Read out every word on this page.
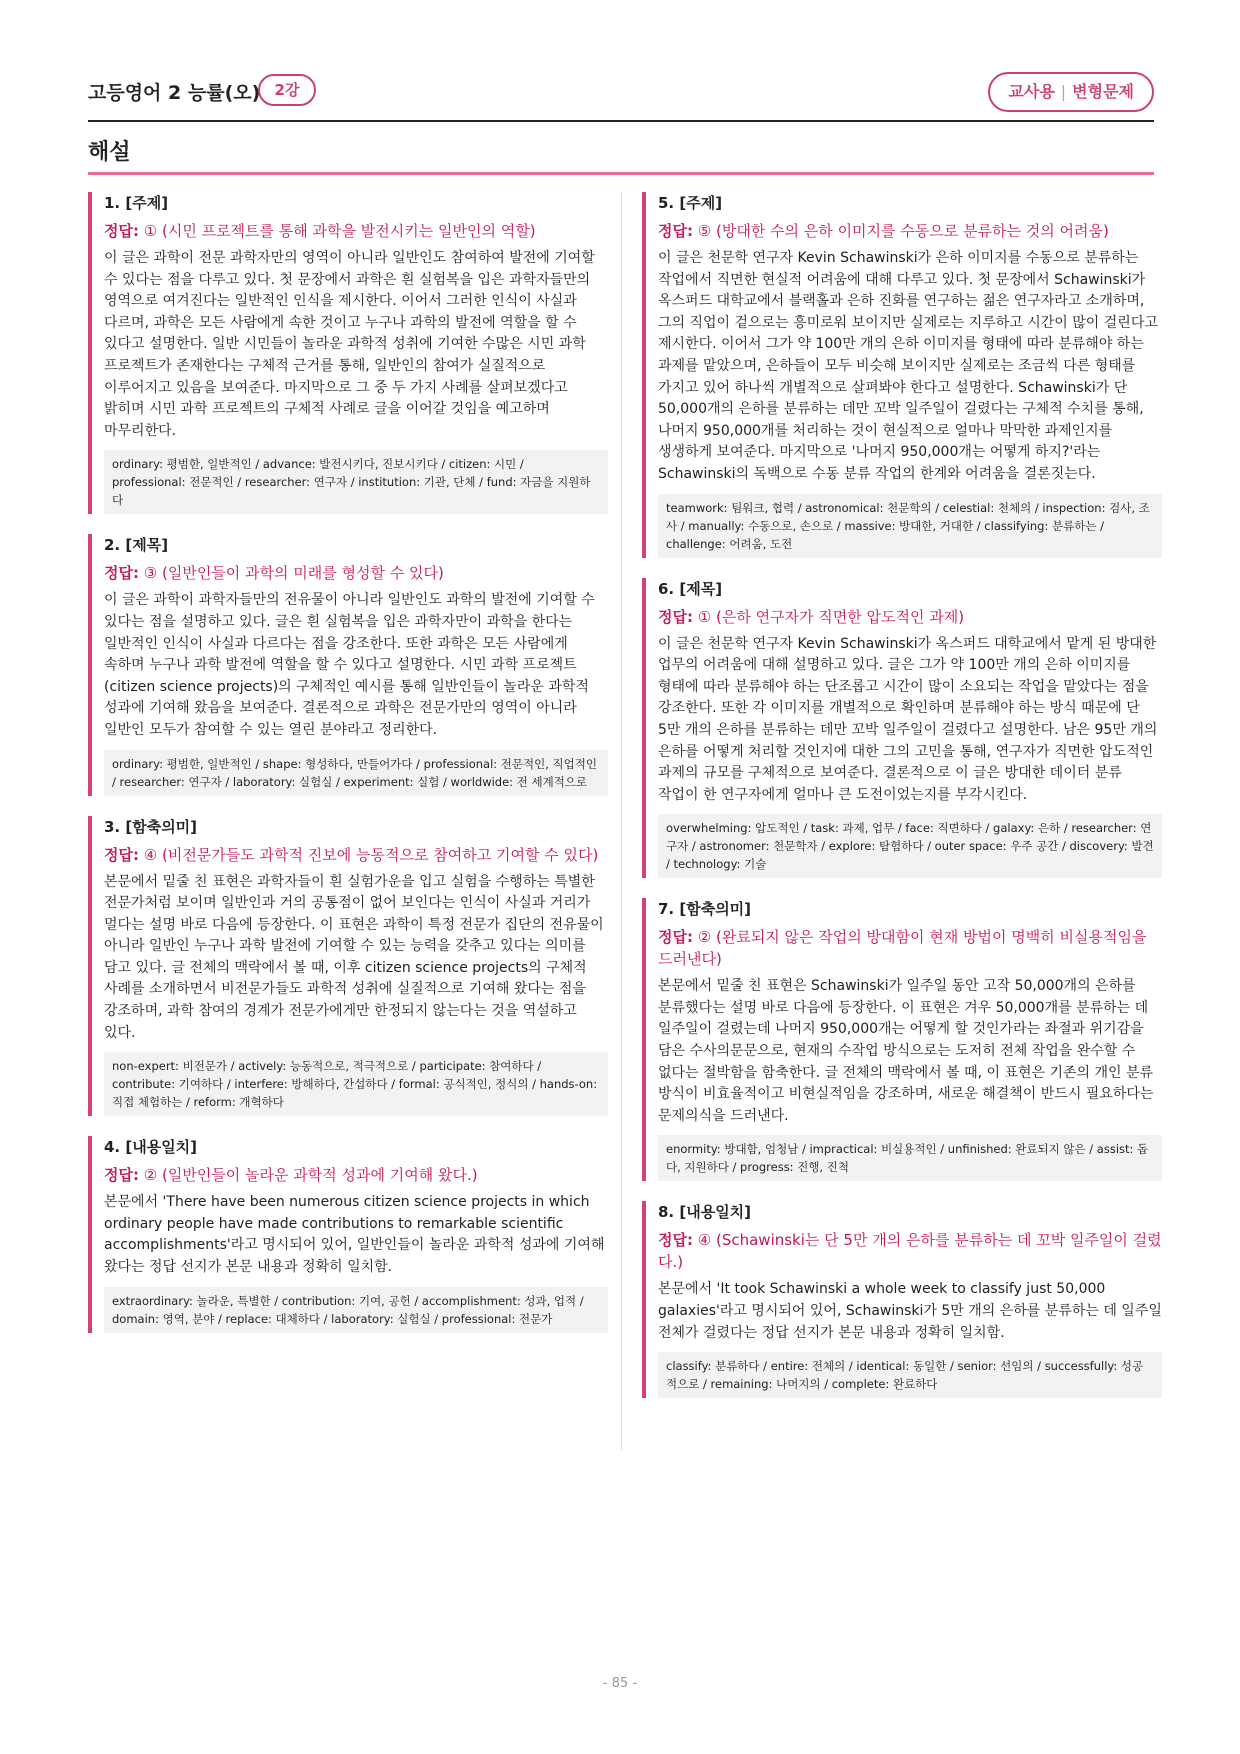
고등영어 2 능률(오) 2강	교사용 | 변형문제
해설
1. [주제]
정답: ① (시민 프로젝트를 통해 과학을 발전시키는 일반인의 역할)
이 글은 과학이 전문 과학자만의 영역이 아니라 일반인도 참여하여 발전에 기여할 수 있다는 점을 다루고 있다. 첫 문장에서 과학은 흰 실험복을 입은 과학자들만의 영역으로 여겨진다는 일반적인 인식을 제시한다. 이어서 그러한 인식이 사실과 다르며, 과학은 모든 사람에게 속한 것이고 누구나 과학의 발전에 역할을 할 수 있다고 설명한다. 일반 시민들이 놀라운 과학적 성취에 기여한 수많은 시민 과학 프로젝트가 존재한다는 구체적 근거를 통해, 일반인의 참여가 실질적으로 이루어지고 있음을 보여준다. 마지막으로 그 중 두 가지 사례를 살펴보겠다고 밝히며 시민 과학 프로젝트의 구체적 사례로 글을 이어갈 것임을 예고하며 마무리한다.
ordinary: 평범한, 일반적인 / advance: 발전시키다, 진보시키다 / citizen: 시민 / professional: 전문적인 / researcher: 연구자 / institution: 기관, 단체 / fund: 자금을 지원하다
2. [제목]
정답: ③ (일반인들이 과학의 미래를 형성할 수 있다)
이 글은 과학이 과학자들만의 전유물이 아니라 일반인도 과학의 발전에 기여할 수 있다는 점을 설명하고 있다. 글은 흰 실험복을 입은 과학자만이 과학을 한다는 일반적인 인식이 사실과 다르다는 점을 강조한다. 또한 과학은 모든 사람에게 속하며 누구나 과학 발전에 역할을 할 수 있다고 설명한다. 시민 과학 프로젝트(citizen science projects)의 구체적인 예시를 통해 일반인들이 놀라운 과학적 성과에 기여해 왔음을 보여준다. 결론적으로 과학은 전문가만의 영역이 아니라 일반인 모두가 참여할 수 있는 열린 분야라고 정리한다.
ordinary: 평범한, 일반적인 / shape: 형성하다, 만들어가다 / professional: 전문적인, 직업적인 / researcher: 연구자 / laboratory: 실험실 / experiment: 실험 / worldwide: 전 세계적으로
3. [함축의미]
정답: ④ (비전문가들도 과학적 진보에 능동적으로 참여하고 기여할 수 있다)
본문에서 밑줄 친 표현은 과학자들이 흰 실험가운을 입고 실험을 수행하는 특별한 전문가처럼 보이며 일반인과 거의 공통점이 없어 보인다는 인식이 사실과 거리가 멀다는 설명 바로 다음에 등장한다. 이 표현은 과학이 특정 전문가 집단의 전유물이 아니라 일반인 누구나 과학 발전에 기여할 수 있는 능력을 갖추고 있다는 의미를 담고 있다. 글 전체의 맥락에서 볼 때, 이후 citizen science projects의 구체적 사례를 소개하면서 비전문가들도 과학적 성취에 실질적으로 기여해 왔다는 점을 강조하며, 과학 참여의 경계가 전문가에게만 한정되지 않는다는 것을 역설하고 있다.
non-expert: 비전문가 / actively: 능동적으로, 적극적으로 / participate: 참여하다 / contribute: 기여하다 / interfere: 방해하다, 간섭하다 / formal: 공식적인, 정식의 / hands-on: 직접 체험하는 / reform: 개혁하다
4. [내용일치]
정답: ② (일반인들이 놀라운 과학적 성과에 기여해 왔다.)
본문에서 'There have been numerous citizen science projects in which ordinary people have made contributions to remarkable scientific accomplishments'라고 명시되어 있어, 일반인들이 놀라운 과학적 성과에 기여해 왔다는 정답 선지가 본문 내용과 정확히 일치함.
extraordinary: 놀라운, 특별한 / contribution: 기여, 공헌 / accomplishment: 성과, 업적 / domain: 영역, 분야 / replace: 대체하다 / laboratory: 실험실 / professional: 전문가
5. [주제]
정답: ⑤ (방대한 수의 은하 이미지를 수동으로 분류하는 것의 어려움)
이 글은 천문학 연구자 Kevin Schawinski가 은하 이미지를 수동으로 분류하는 작업에서 직면한 현실적 어려움에 대해 다루고 있다. 첫 문장에서 Schawinski가 옥스퍼드 대학교에서 블랙홀과 은하 진화를 연구하는 젊은 연구자라고 소개하며, 그의 직업이 겉으로는 흥미로워 보이지만 실제로는 지루하고 시간이 많이 걸린다고 제시한다. 이어서 그가 약 100만 개의 은하 이미지를 형태에 따라 분류해야 하는 과제를 맡았으며, 은하들이 모두 비슷해 보이지만 실제로는 조금씩 다른 형태를 가지고 있어 하나씩 개별적으로 살펴봐야 한다고 설명한다. Schawinski가 단 50,000개의 은하를 분류하는 데만 꼬박 일주일이 걸렸다는 구체적 수치를 통해, 나머지 950,000개를 처리하는 것이 현실적으로 얼마나 막막한 과제인지를 생생하게 보여준다. 마지막으로 '나머지 950,000개는 어떻게 하지?'라는 Schawinski의 독백으로 수동 분류 작업의 한계와 어려움을 결론짓는다.
teamwork: 팀워크, 협력 / astronomical: 천문학의 / celestial: 천체의 / inspection: 검사, 조사 / manually: 수동으로, 손으로 / massive: 방대한, 거대한 / classifying: 분류하는 / challenge: 어려움, 도전
6. [제목]
정답: ① (은하 연구자가 직면한 압도적인 과제)
이 글은 천문학 연구자 Kevin Schawinski가 옥스퍼드 대학교에서 맡게 된 방대한 업무의 어려움에 대해 설명하고 있다. 글은 그가 약 100만 개의 은하 이미지를 형태에 따라 분류해야 하는 단조롭고 시간이 많이 소요되는 작업을 맡았다는 점을 강조한다. 또한 각 이미지를 개별적으로 확인하며 분류해야 하는 방식 때문에 단 5만 개의 은하를 분류하는 데만 꼬박 일주일이 걸렸다고 설명한다. 남은 95만 개의 은하를 어떻게 처리할 것인지에 대한 그의 고민을 통해, 연구자가 직면한 압도적인 과제의 규모를 구체적으로 보여준다. 결론적으로 이 글은 방대한 데이터 분류 작업이 한 연구자에게 얼마나 큰 도전이었는지를 부각시킨다.
overwhelming: 압도적인 / task: 과제, 업무 / face: 직면하다 / galaxy: 은하 / researcher: 연구자 / astronomer: 천문학자 / explore: 탐험하다 / outer space: 우주 공간 / discovery: 발견 / technology: 기술
7. [함축의미]
정답: ② (완료되지 않은 작업의 방대함이 현재 방법이 명백히 비실용적임을 드러낸다)
본문에서 밑줄 친 표현은 Schawinski가 일주일 동안 고작 50,000개의 은하를 분류했다는 설명 바로 다음에 등장한다. 이 표현은 겨우 50,000개를 분류하는 데 일주일이 걸렸는데 나머지 950,000개는 어떻게 할 것인가라는 좌절과 위기감을 담은 수사의문문으로, 현재의 수작업 방식으로는 도저히 전체 작업을 완수할 수 없다는 절박함을 함축한다. 글 전체의 맥락에서 볼 때, 이 표현은 기존의 개인 분류 방식이 비효율적이고 비현실적임을 강조하며, 새로운 해결책이 반드시 필요하다는 문제의식을 드러낸다.
enormity: 방대함, 엄청남 / impractical: 비실용적인 / unfinished: 완료되지 않은 / assist: 돕다, 지원하다 / progress: 진행, 진척
8. [내용일치]
정답: ④ (Schawinski는 단 5만 개의 은하를 분류하는 데 꼬박 일주일이 걸렸다.)
본문에서 'It took Schawinski a whole week to classify just 50,000 galaxies'라고 명시되어 있어, Schawinski가 5만 개의 은하를 분류하는 데 일주일 전체가 걸렸다는 정답 선지가 본문 내용과 정확히 일치함.
classify: 분류하다 / entire: 전체의 / identical: 동일한 / senior: 선임의 / successfully: 성공적으로 / remaining: 나머지의 / complete: 완료하다
- 85 -
